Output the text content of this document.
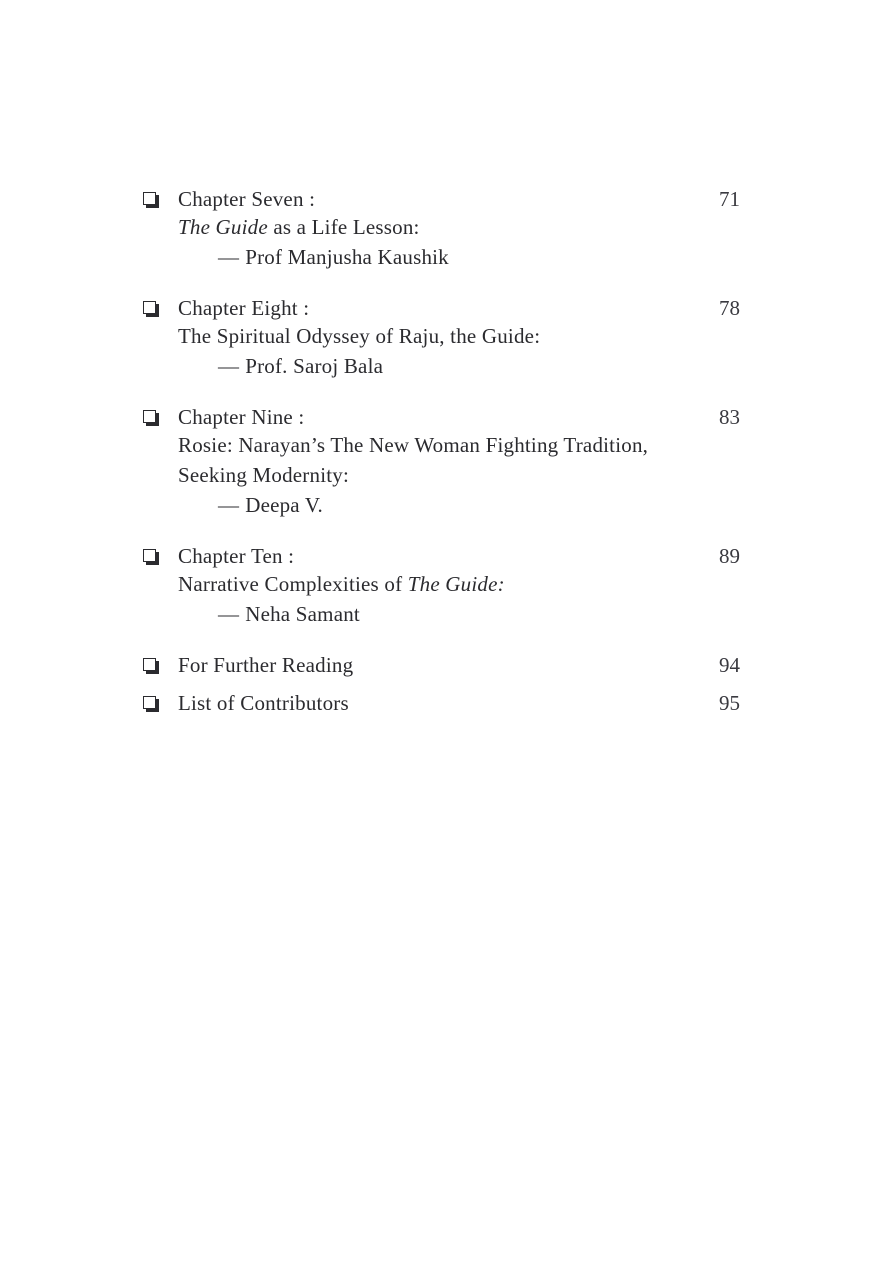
Chapter Seven :	71
The Guide as a Life Lesson:
— Prof Manjusha Kaushik
Chapter Eight :	78
The Spiritual Odyssey of Raju, the Guide:
— Prof. Saroj Bala
Chapter Nine :	83
Rosie: Narayan’s The New Woman Fighting Tradition,
Seeking Modernity:
— Deepa V.
Chapter Ten :	89
Narrative Complexities of The Guide:
— Neha Samant
For Further Reading	94
List of Contributors	95
